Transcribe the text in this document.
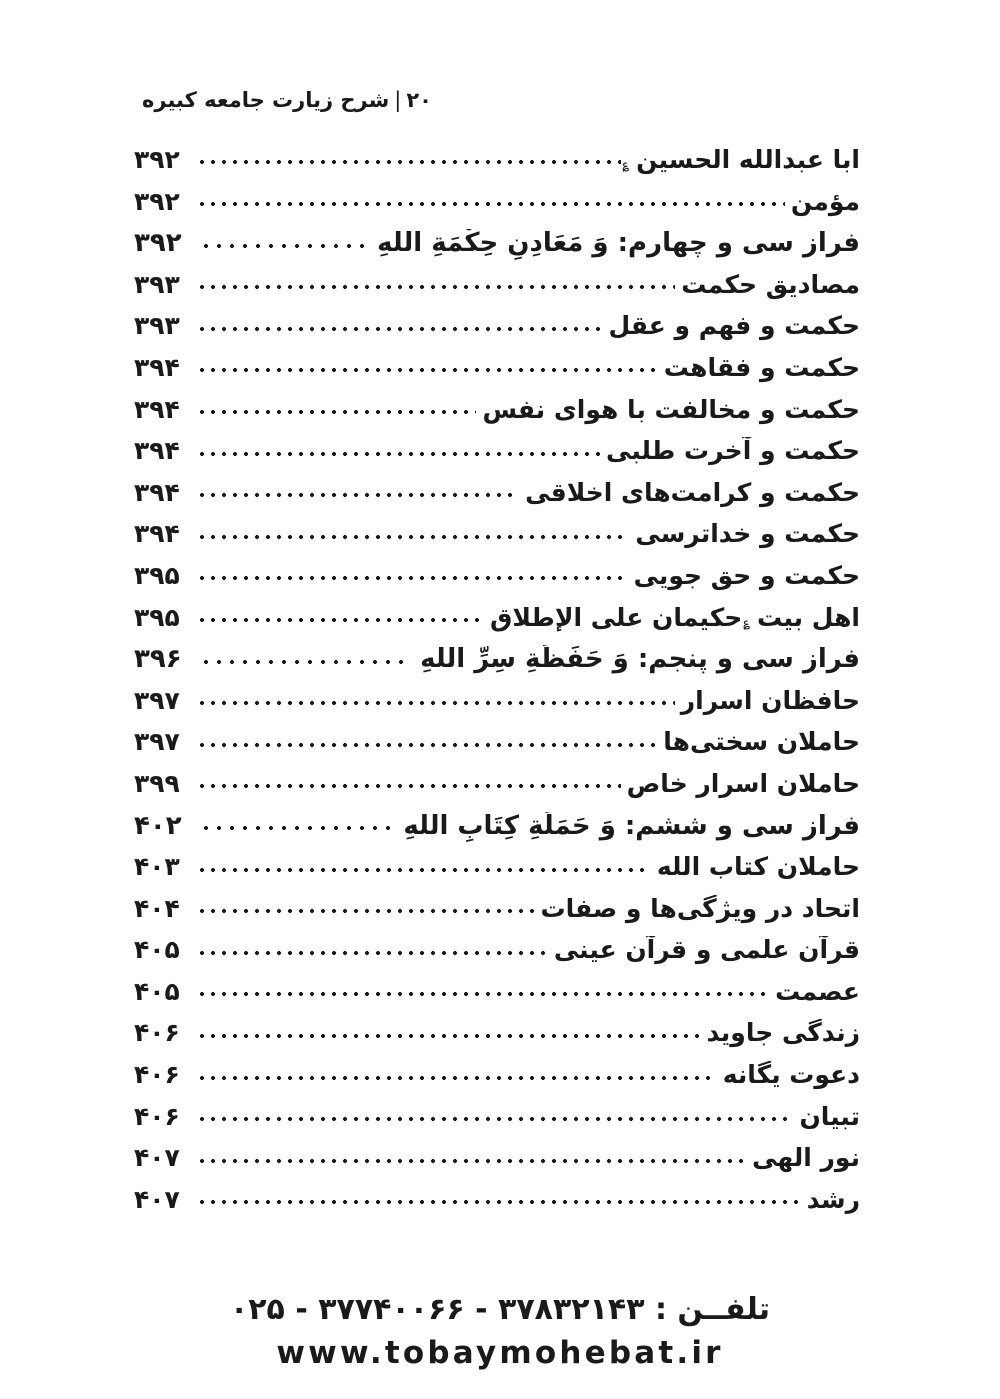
۲۰
|
شرح زیارت جامعه کبیره
ابا عبدالله الحسین
؏
۳۹۲
مؤمن
۳۹۲
فراز سی و چهارم: وَ مَعَادِنِ حِکْمَةِ اللهِ
۳۹۲
مصادیق حکمت
۳۹۳
حکمت و فهم و عقل
۳۹۳
حکمت و فقاهت
۳۹۴
حکمت و مخالفت با هوای نفس
۳۹۴
حکمت و آخرت طلبی
۳۹۴
حکمت و کرامت‌های اخلاقی
۳۹۴
حکمت و خداترسی
۳۹۴
حکمت و حق جویی
۳۹۵
اهل بیت
؏
حکیمان علی الإطلاق
۳۹۵
فراز سی و پنجم: وَ حَفَظَةِ سِرِّ اللهِ
۳۹۶
حافظان اسرار
۳۹۷
حاملان سختی‌ها
۳۹۷
حاملان اسرار خاص
۳۹۹
فراز سی و ششم: وَ حَمَلَةِ کِتَابِ اللهِ
۴۰۲
حاملان کتاب الله
۴۰۳
اتحاد در ویژگی‌ها و صفات
۴۰۴
قرآن علمی و قرآن عینی
۴۰۵
عصمت
۴۰۵
زندگی جاوید
۴۰۶
دعوت یگانه
۴۰۶
تبیان
۴۰۶
نور الهی
۴۰۷
رشد
۴۰۷
تلفــن : ۰۲۵ - ۳۷۷۴۰۰۶۶ - ۳۷۸۳۲۱۴۳
www.tobaymohebat.ir
